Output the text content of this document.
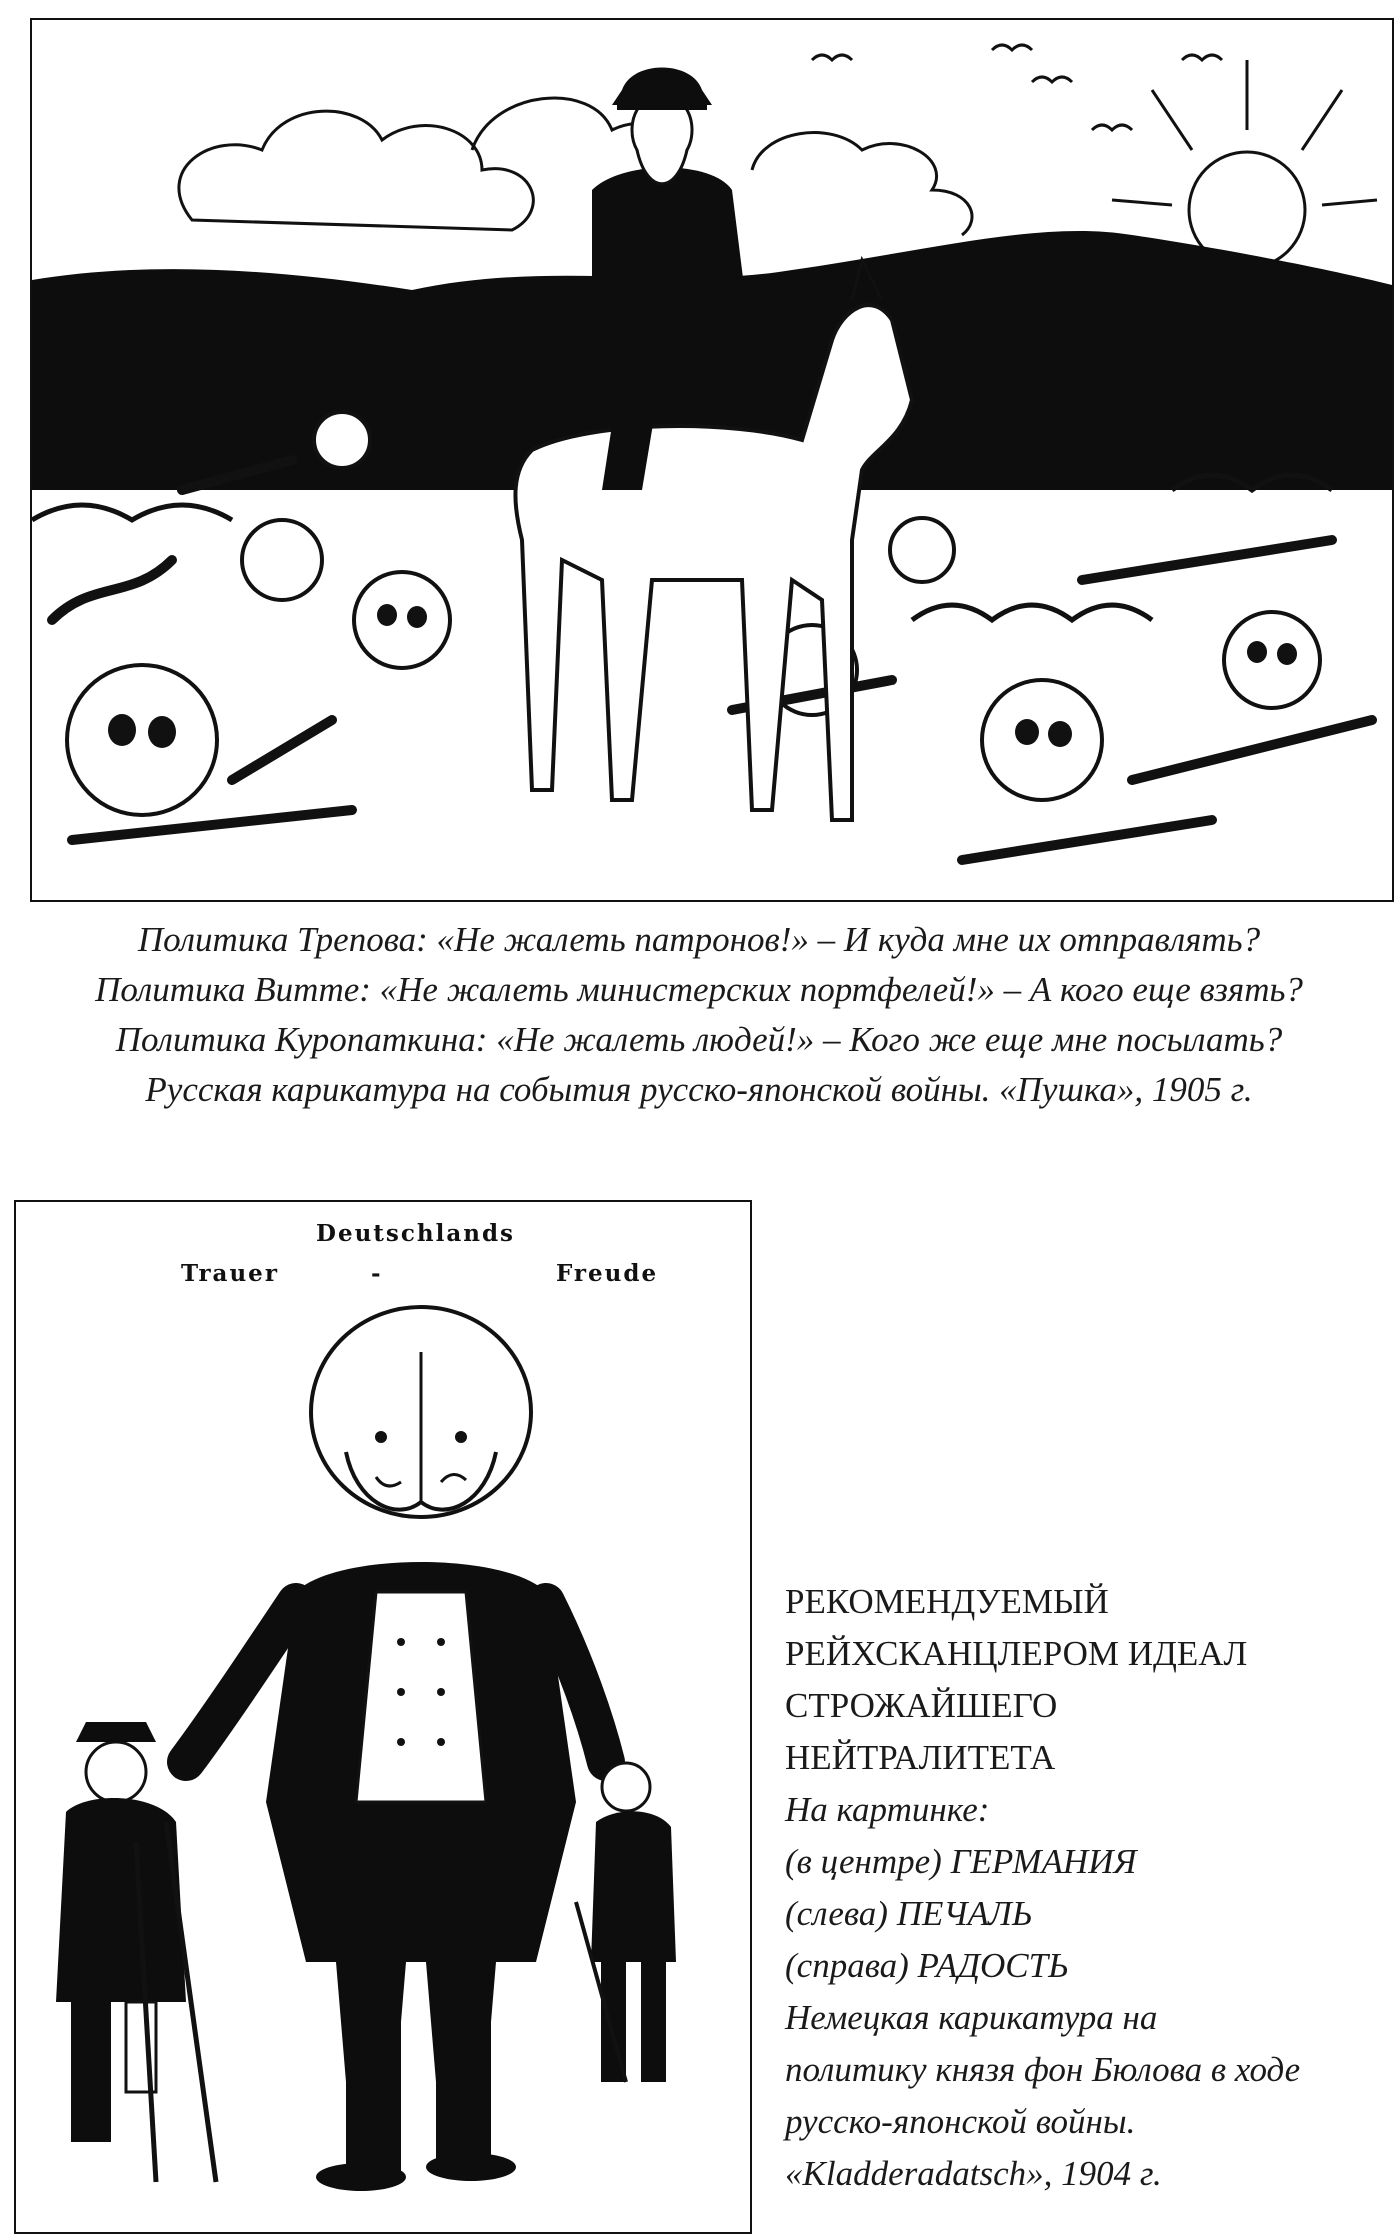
Политика Трепова: «Не жалеть патронов!» – И куда мне их отправлять?
Политика Витте: «Не жалеть министерских портфелей!» – А кого еще взять?
Политика Куропаткина: «Не жалеть людей!» – Кого же еще мне посылать?
Русская карикатура на события русско-японской войны. «Пушка», 1905 г.
Deutschlands
Trauer	-	Freude
РЕКОМЕНДУЕМЫЙ
РЕЙХСКАНЦЛЕРОМ ИДЕАЛ
СТРОЖАЙШЕГО
НЕЙТРАЛИТЕТА
На картинке:
(в центре) ГЕРМАНИЯ
(слева) ПЕЧАЛЬ
(справа) РАДОСТЬ
Немецкая карикатура на
политику князя фон Бюлова в ходе
русско-японской войны.
«Kladderadatsch», 1904 г.
